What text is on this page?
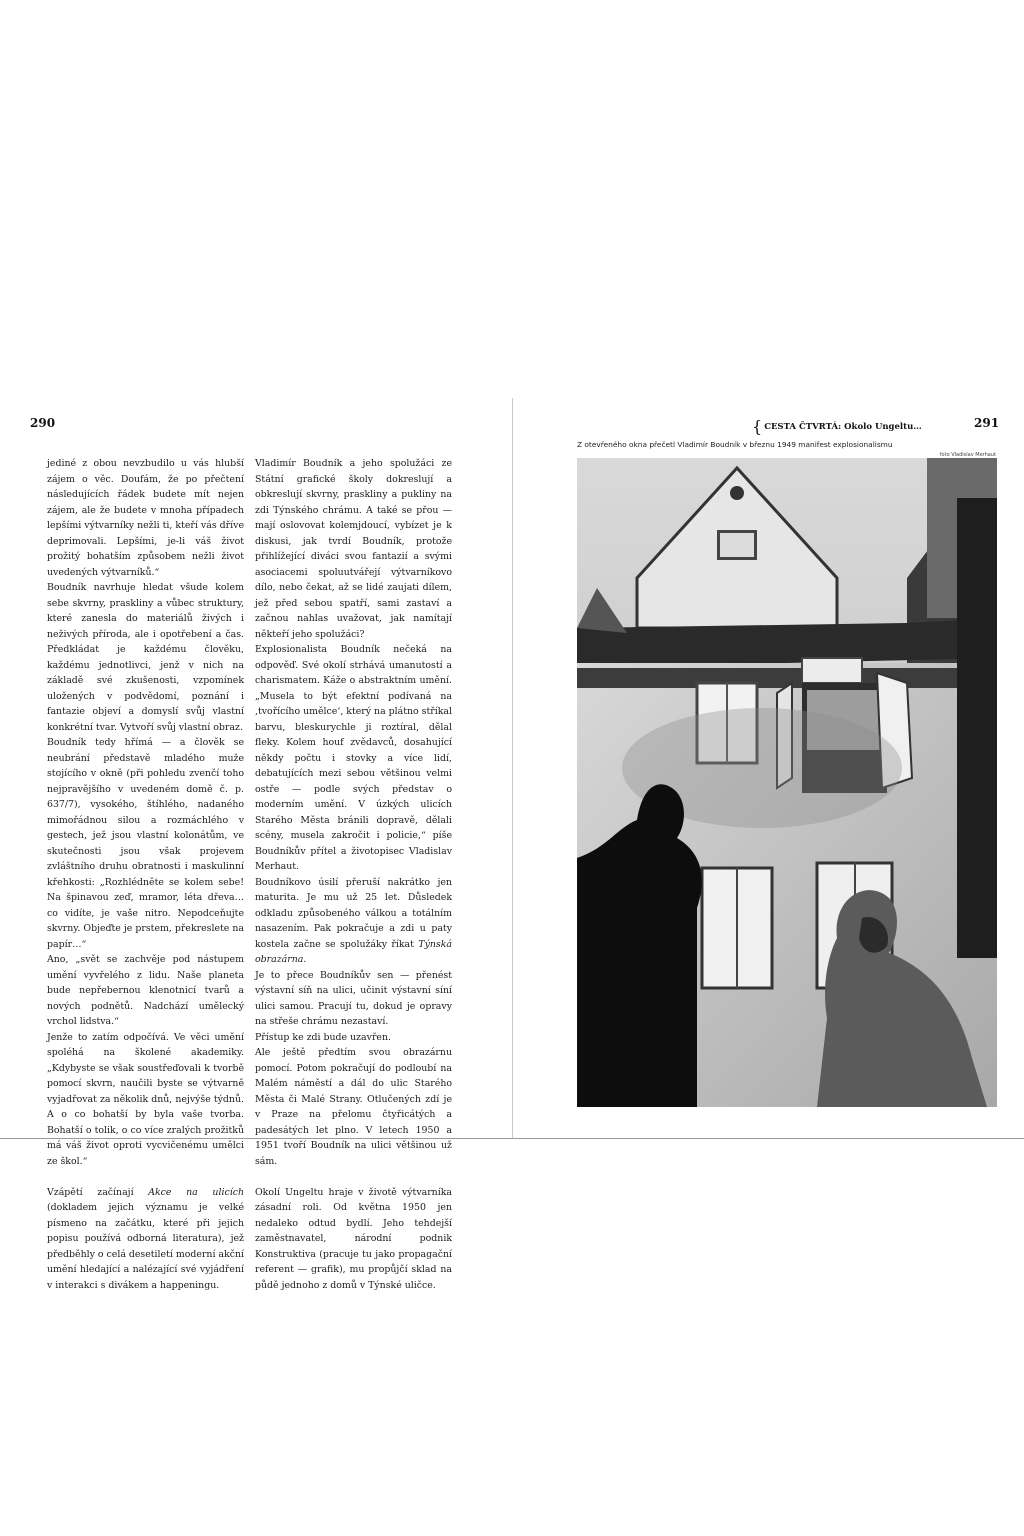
290

jediné z obou nevzbudilo u vás hlubší zájem o věc. Doufám, že po přečtení následujících řádek budete mít nejen zájem, ale že budete v mnoha případech lepšími výtvarníky nežli ti, kteří vás dříve deprimovali. Lepšími, je-li váš život prožitý bohatším způsobem nežli život uvedených výtvarníků.“

Boudník navrhuje hledat všude kolem sebe skvrny, praskliny a vůbec struktury, které zanesla do materiálů živých i neživých příroda, ale i opotřebení a čas. Předkládat je každému člověku, každému jednotlivci, jenž v nich na základě své zkušenosti, vzpomínek uložených v podvědomí, poznání i fantazie objeví a domyslí svůj vlastní konkrétní tvar. Vytvoří svůj vlastní obraz.

Boudník tedy hřímá — a člověk se neubrání představě mladého muže stojícího v okně (při pohledu zvenčí toho nejpravějšího v uvedeném domě č. p. 637/7), vysokého, štíhlého, nadaného mimořádnou silou a rozmáchlého v gestech, jež jsou vlastní kolonátům, ve skutečnosti jsou však projevem zvláštního druhu obratnosti i maskulinní křehkosti: „Rozhlédněte se kolem sebe! Na špinavou zeď, mramor, léta dřeva… co vidíte, je vaše nitro. Nepodceňujte skvrny. Objeďte je prstem, překreslete na papír…“

Ano, „svět se zachvěje pod nástupem umění vyvřelého z lidu. Naše planeta bude nepřebernou klenotnicí tvarů a nových podnětů. Nadchází umělecký vrchol lidstva.“

Jenže to zatím odpočívá. Ve věci umění spoléhá na školené akademiky. „Kdybyste se však soustřeďovali k tvorbě pomocí skvrn, naučili byste se výtvarně vyjadřovat za několik dnů, nejvýše týdnů. A o co bohatší by byla vaše tvorba. Bohatší o tolik, o co více zralých prožitků má váš život oproti vycvičenému umělci ze škol.“

Vzápětí začínají Akce na ulicích (dokladem jejich významu je velké písmeno na začátku, které při jejich popisu používá odborná literatura), jež předběhly o celá desetiletí moderní akční umění hledající a nalézající své vyjádření v interakci s divákem a happeningu.

Vladimír Boudník a jeho spolužáci ze Státní grafické školy dokreslují a obkreslují skvrny, praskliny a pukliny na zdi Týnského chrámu. A také se přou — mají oslovovat kolemjdoucí, vybízet je k diskusi, jak tvrdí Boudník, protože přihlížející diváci svou fantazií a svými asociacemi spoluutvářejí výtvarníkovo dílo, nebo čekat, až se lidé zaujati dílem, jež před sebou spatří, sami zastaví a začnou nahlas uvažovat, jak namítají někteří jeho spolužáci?

Explosionalista Boudník nečeká na odpověď. Své okolí strhává umanutostí a charismatem. Káže o abstraktním umění. „Musela to být efektní podívaná na ‚tvořícího umělce‘, který na plátno stříkal barvu, bleskurychle ji roztíral, dělal fleky. Kolem houf zvědavců, dosahující někdy počtu i stovky a více lidí, debatujících mezi sebou většinou velmi ostře — podle svých představ o moderním umění. V úzkých ulicích Starého Města bránili dopravě, dělali scény, musela zakročit i policie,“ píše Boudníkův přítel a životopisec Vladislav Merhaut.

Boudníkovo úsilí přeruší nakrátko jen maturita. Je mu už 25 let. Důsledek odkladu způsobeného válkou a totálním nasazením. Pak pokračuje a zdi u paty kostela začne se spolužáky říkat Týnská obrazárna.

Je to přece Boudníkův sen — přenést výstavní síň na ulici, učinit výstavní síní ulici samou. Pracují tu, dokud je opravy na střeše chrámu nezastaví.

Přístup ke zdi bude uzavřen.

Ale ještě předtím svou obrazárnu pomocí. Potom pokračují do podloubí na Malém náměstí a dál do ulic Starého Města či Malé Strany. Otlučených zdí je v Praze na přelomu čtyřicátých a padesátých let plno. V letech 1950 a 1951 tvoří Boudník na ulici většinou už sám.

Okolí Ungeltu hraje v životě výtvarníka zásadní roli. Od května 1950 jen nedaleko odtud bydlí. Jeho tehdejší zaměstnavatel, národní podnik Konstruktiva (pracuje tu jako propagační referent — grafik), mu propůjčí sklad na půdě jednoho z domů v Týnské uličce.

{ CESTA ČTVRTÁ: Okolo Ungeltu…	291
Z otevřeného okna přečetl Vladimír Boudník v březnu 1949 manifest explosionalismu
foto Vladislav Merhaut
